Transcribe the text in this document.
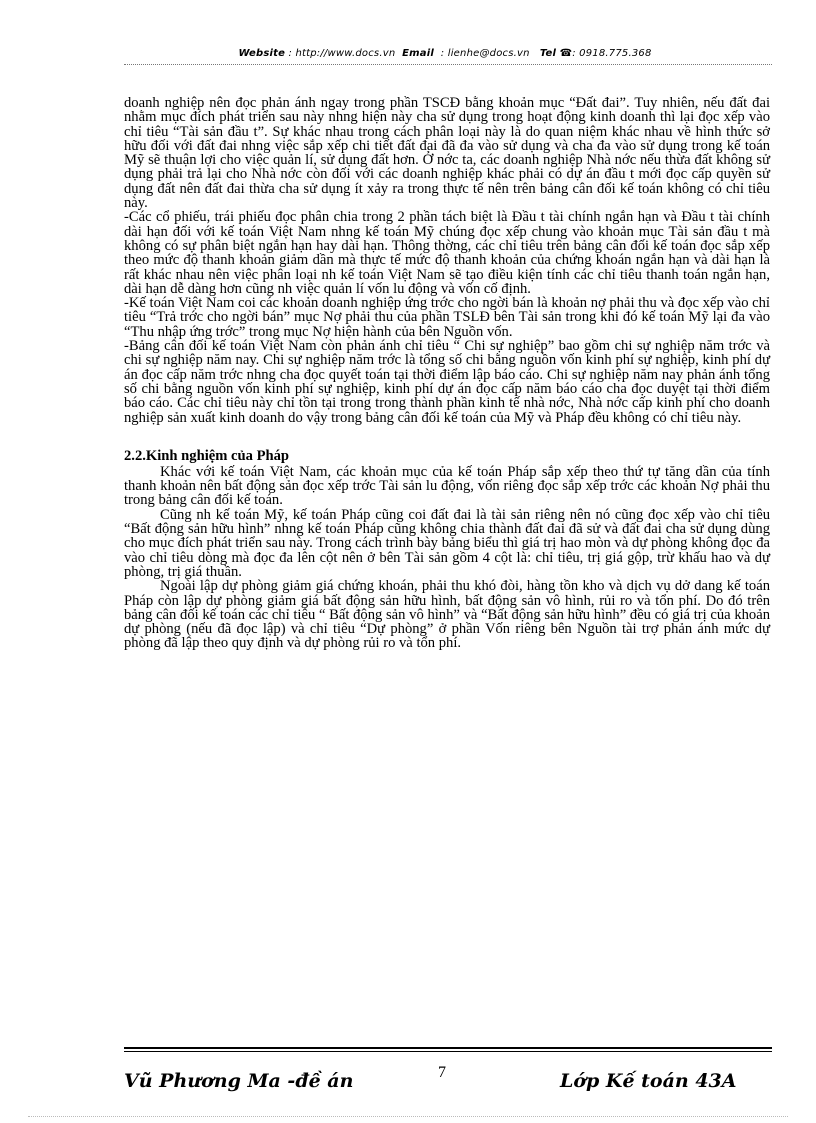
Website : http://www.docs.vn Email : lienhe@docs.vn Tel ☎: 0918.775.368

doanh nghiệp nên đọc phản ánh ngay trong phần TSCĐ bằng khoản mục “Đất đai”. Tuy nhiên, nếu đất đai nhằm mục đích phát triển sau này nhng hiện này cha sử dụng trong hoạt động kinh doanh thì lại đọc xếp vào chỉ tiêu “Tài sản đầu t”. Sự khác nhau trong cách phân loại này là do quan niệm khác nhau về hình thức sở hữu đối với đất đai nhng việc sắp xếp chi tiết đất đai đã đa vào sử dụng và cha đa vào sử dụng trong kế toán Mỹ sẽ thuận lợi cho việc quản lí, sử dụng đất hơn. Ở nớc ta, các doanh nghiệp Nhà nớc nếu thừa đất không sử dụng phải trả lại cho Nhà nớc còn đối với các doanh nghiệp khác phải có dự án đầu t mới đọc cấp quyền sử dụng đất nên đất đai thừa cha sử dụng ít xảy ra trong thực tế nên trên bảng cân đối kế toán không có chỉ tiêu này.

-Các cổ phiếu, trái phiếu đọc phân chia trong 2 phần tách biệt là Đầu t tài chính ngắn hạn và Đầu t tài chính dài hạn đối với kế toán Việt Nam nhng kế toán Mỹ chúng đọc xếp chung vào khoản mục Tài sản đầu t mà không có sự phân biệt ngắn hạn hay dài hạn. Thông thờng, các chỉ tiêu trên bảng cân đối kế toán đọc sắp xếp theo mức độ thanh khoản giảm dần mà thực tế mức độ thanh khoản của chứng khoán ngắn hạn và dài hạn là rất khác nhau nên việc phân loại nh kế toán Việt Nam sẽ tạo điều kiện tính các chỉ tiêu thanh toán ngắn hạn, dài hạn dễ dàng hơn cũng nh việc quản lí vốn lu động và vốn cố định.

-Kế toán Việt Nam coi các khoản doanh nghiệp ứng trớc cho ngời bán là khoản nợ phải thu và đọc xếp vào chỉ tiêu “Trả trớc cho ngời bán” mục Nợ phải thu của phần TSLĐ bên Tài sản trong khi đó kế toán Mỹ lại đa vào “Thu nhập ứng trớc” trong mục Nợ hiện hành của bên Nguồn vốn.

-Bảng cân đối kế toán Việt Nam còn phản ánh chỉ tiêu “ Chi sự nghiệp” bao gồm chi sự nghiệp năm trớc và chi sự nghiệp năm nay. Chi sự nghiệp năm trớc là tổng số chi bằng nguồn vốn kinh phí sự nghiệp, kinh phí dự án đọc cấp năm trớc nhng cha đọc quyết toán tại thời điểm lập báo cáo. Chi sự nghiệp năm nay phản ánh tổng số chi bằng nguồn vốn kinh phí sự nghiệp, kinh phí dự án đọc cấp năm báo cáo cha đọc duyệt tại thời điểm báo cáo. Các chỉ tiêu này chỉ tồn tại trong trong thành phần kinh tế nhà nớc, Nhà nớc cấp kinh phí cho doanh nghiệp sản xuất kinh doanh do vậy trong bảng cân đối kế toán của Mỹ và Pháp đều không có chỉ tiêu này.

2.2.Kinh nghiệm của Pháp

Khác với kế toán Việt Nam, các khoản mục của kế toán Pháp sắp xếp theo thứ tự tăng dần của tính thanh khoản nên bất động sản đọc xếp trớc Tài sản lu động, vốn riêng đọc sắp xếp trớc các khoản Nợ phải thu trong bảng cân đối kế toán.

Cũng nh kế toán Mỹ, kế toán Pháp cũng coi đất đai là tài sản riêng nên nó cũng đọc xếp vào chỉ tiêu “Bất động sản hữu hình” nhng kế toán Pháp cũng không chia thành đất đai đã sử và đất đai cha sử dụng dùng cho mục đích phát triển sau này. Trong cách trình bày bảng biểu thì giá trị hao mòn và dự phòng không đọc đa vào chỉ tiêu dòng mà đọc đa lên cột nên ở bên Tài sản gồm 4 cột là: chỉ tiêu, trị giá gộp, trừ khấu hao và dự phòng, trị giá thuần.

Ngoài lập dự phòng giảm giá chứng khoán, phải thu khó đòi, hàng tồn kho và dịch vụ dở dang kế toán Pháp còn lập dự phòng giảm giá bất động sản hữu hình, bất động sản vô hình, rủi ro và tổn phí. Do đó trên bảng cân đối kế toán các chỉ tiêu “ Bất động sản vô hình” và “Bất động sản hữu hình” đều có giá trị của khoản dự phòng (nếu đã đọc lập) và chỉ tiêu “Dự phòng” ở phần Vốn riêng bên Nguồn tài trợ phản ánh mức dự phòng đã lập theo quy định và dự phòng rủi ro và tổn phí.

Vũ Phương Ma -đề án	7	Lớp Kế toán 43A
